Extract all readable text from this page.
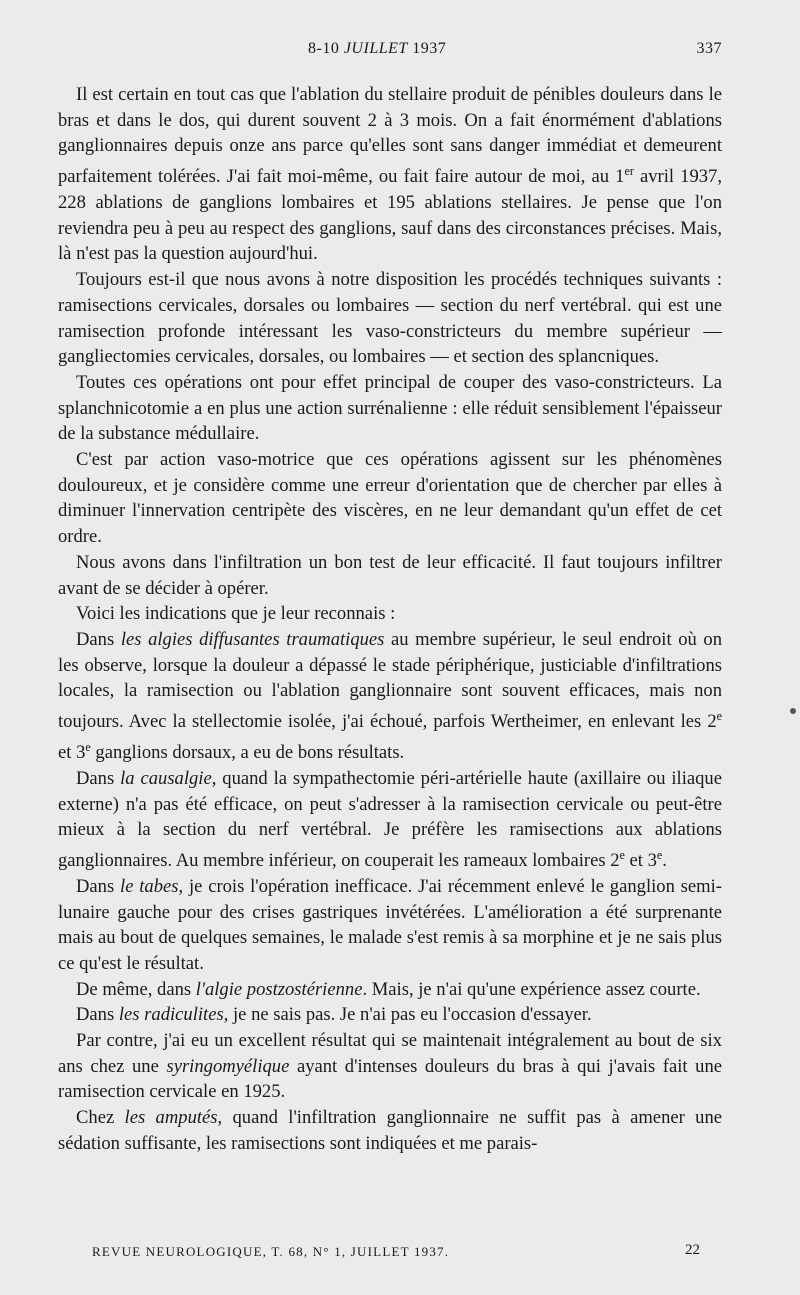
8-10 JUILLET 1937	337

Il est certain en tout cas que l'ablation du stellaire produit de pénibles douleurs dans le bras et dans le dos, qui durent souvent 2 à 3 mois. On a fait énormément d'ablations ganglionnaires depuis onze ans parce qu'elles sont sans danger immédiat et demeurent parfaitement tolérées. J'ai fait moi-même, ou fait faire autour de moi, au 1er avril 1937, 228 ablations de ganglions lombaires et 195 ablations stellaires. Je pense que l'on reviendra peu à peu au respect des ganglions, sauf dans des circonstances précises. Mais, là n'est pas la question aujourd'hui.

Toujours est-il que nous avons à notre disposition les procédés techniques suivants : ramisections cervicales, dorsales ou lombaires — section du nerf vertébral. qui est une ramisection profonde intéressant les vaso-constricteurs du membre supérieur — gangliectomies cervicales, dorsales, ou lombaires — et section des splancniques.

Toutes ces opérations ont pour effet principal de couper des vaso-constricteurs. La splanchnicotomie a en plus une action surrénalienne : elle réduit sensiblement l'épaisseur de la substance médullaire.

C'est par action vaso-motrice que ces opérations agissent sur les phénomènes douloureux, et je considère comme une erreur d'orientation que de chercher par elles à diminuer l'innervation centripète des viscères, en ne leur demandant qu'un effet de cet ordre.

Nous avons dans l'infiltration un bon test de leur efficacité. Il faut toujours infiltrer avant de se décider à opérer.

Voici les indications que je leur reconnais :

Dans les algies diffusantes traumatiques au membre supérieur, le seul endroit où on les observe, lorsque la douleur a dépassé le stade périphérique, justiciable d'infiltrations locales, la ramisection ou l'ablation ganglionnaire sont souvent efficaces, mais non toujours. Avec la stellectomie isolée, j'ai échoué, parfois Wertheimer, en enlevant les 2e et 3e ganglions dorsaux, a eu de bons résultats.

Dans la causalgie, quand la sympathectomie péri-artérielle haute (axillaire ou iliaque externe) n'a pas été efficace, on peut s'adresser à la ramisection cervicale ou peut-être mieux à la section du nerf vertébral. Je préfère les ramisections aux ablations ganglionnaires. Au membre inférieur, on couperait les rameaux lombaires 2e et 3e.

Dans le tabes, je crois l'opération inefficace. J'ai récemment enlevé le ganglion semi-lunaire gauche pour des crises gastriques invétérées. L'amélioration a été surprenante mais au bout de quelques semaines, le malade s'est remis à sa morphine et je ne sais plus ce qu'est le résultat.

De même, dans l'algie postzostérienne. Mais, je n'ai qu'une expérience assez courte.

Dans les radiculites, je ne sais pas. Je n'ai pas eu l'occasion d'essayer.

Par contre, j'ai eu un excellent résultat qui se maintenait intégralement au bout de six ans chez une syringomyélique ayant d'intenses douleurs du bras à qui j'avais fait une ramisection cervicale en 1925.

Chez les amputés, quand l'infiltration ganglionnaire ne suffit pas à amener une sédation suffisante, les ramisections sont indiquées et me parais-

REVUE NEUROLOGIQUE, T. 68, N° 1, JUILLET 1937.	22
